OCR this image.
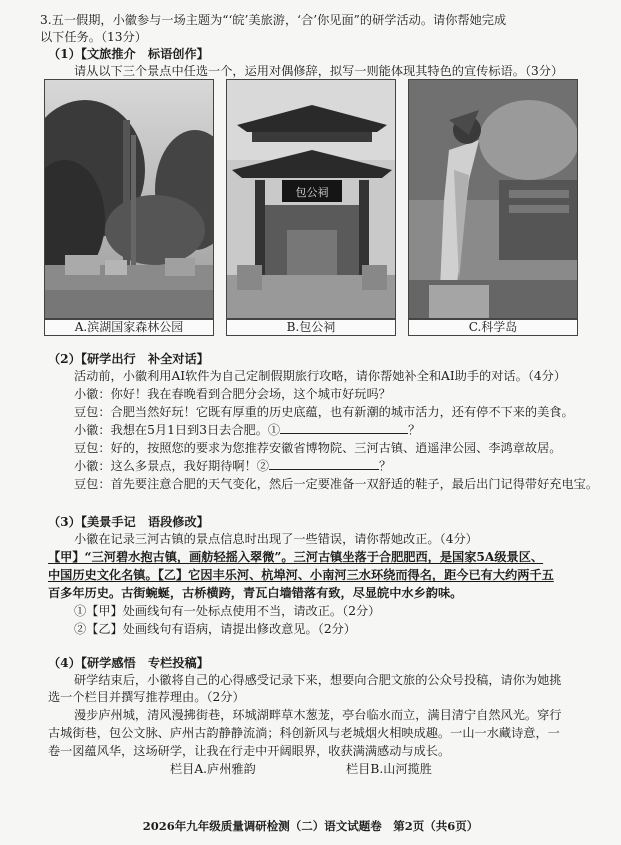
3.五一假期，小徽参与一场主题为“‘皖’美旅游，‘合’你见面”的研学活动。请你帮她完成
以下任务。（13分）
（1）【文旅推介　标语创作】
请从以下三个景点中任选一个，运用对偶修辞，拟写一则能体现其特色的宣传标语。（3分）
A.滨湖国家森林公园
包公祠
B.包公祠	C.科学岛
（2）【研学出行　补全对话】
活动前，小徽利用AI软件为自己定制假期旅行攻略，请你帮她补全和AI助手的对话。（4分）
小徽：你好！我在春晚看到合肥分会场，这个城市好玩吗？
豆包：合肥当然好玩！它既有厚重的历史底蕴，也有新潮的城市活力，还有停不下来的美食。
小徽：我想在5月1日到3日去合肥。①	？
豆包：好的，按照您的要求为您推荐安徽省博物院、三河古镇、逍遥津公园、李鸿章故居。
小徽：这么多景点，我好期待啊！②	？
豆包：首先要注意合肥的天气变化，然后一定要准备一双舒适的鞋子，最后出门记得带好充电宝。
（3）【美景手记　语段修改】
小徽在记录三河古镇的景点信息时出现了一些错误，请你帮她改正。（4分）
【甲】“三河碧水抱古镇，画舫轻摇入翠微”。三河古镇坐落于合肥肥西，是国家5A级景区、
中国历史文化名镇。【乙】它因丰乐河、杭埠河、小南河三水环绕而得名，距今已有大约两千五
百多年历史。古街蜿蜒，古桥横跨，青瓦白墙错落有致，尽显皖中水乡韵味。
①【甲】处画线句有一处标点使用不当，请改正。（2分）
②【乙】处画线句有语病，请提出修改意见。（2分）
（4）【研学感悟　专栏投稿】
研学结束后，小徽将自己的心得感受记录下来，想要向合肥文旅的公众号投稿，请你为她挑
选一个栏目并撰写推荐理由。（2分）
漫步庐州城，清风漫拂街巷，环城湖畔草木葱茏，亭台临水而立，满目清宁自然风光。穿行
古城街巷，包公文脉、庐州古韵静静流淌；科创新风与老城烟火相映成趣。一山一水藏诗意，一
卷一図蕴风华，这场研学，让我在行走中开阔眼界，收获满满感动与成长。
栏目A.庐州雅韵	栏目B.山河揽胜
2026年九年级质量调研检测（二）语文试题卷　第2页（共6页）
